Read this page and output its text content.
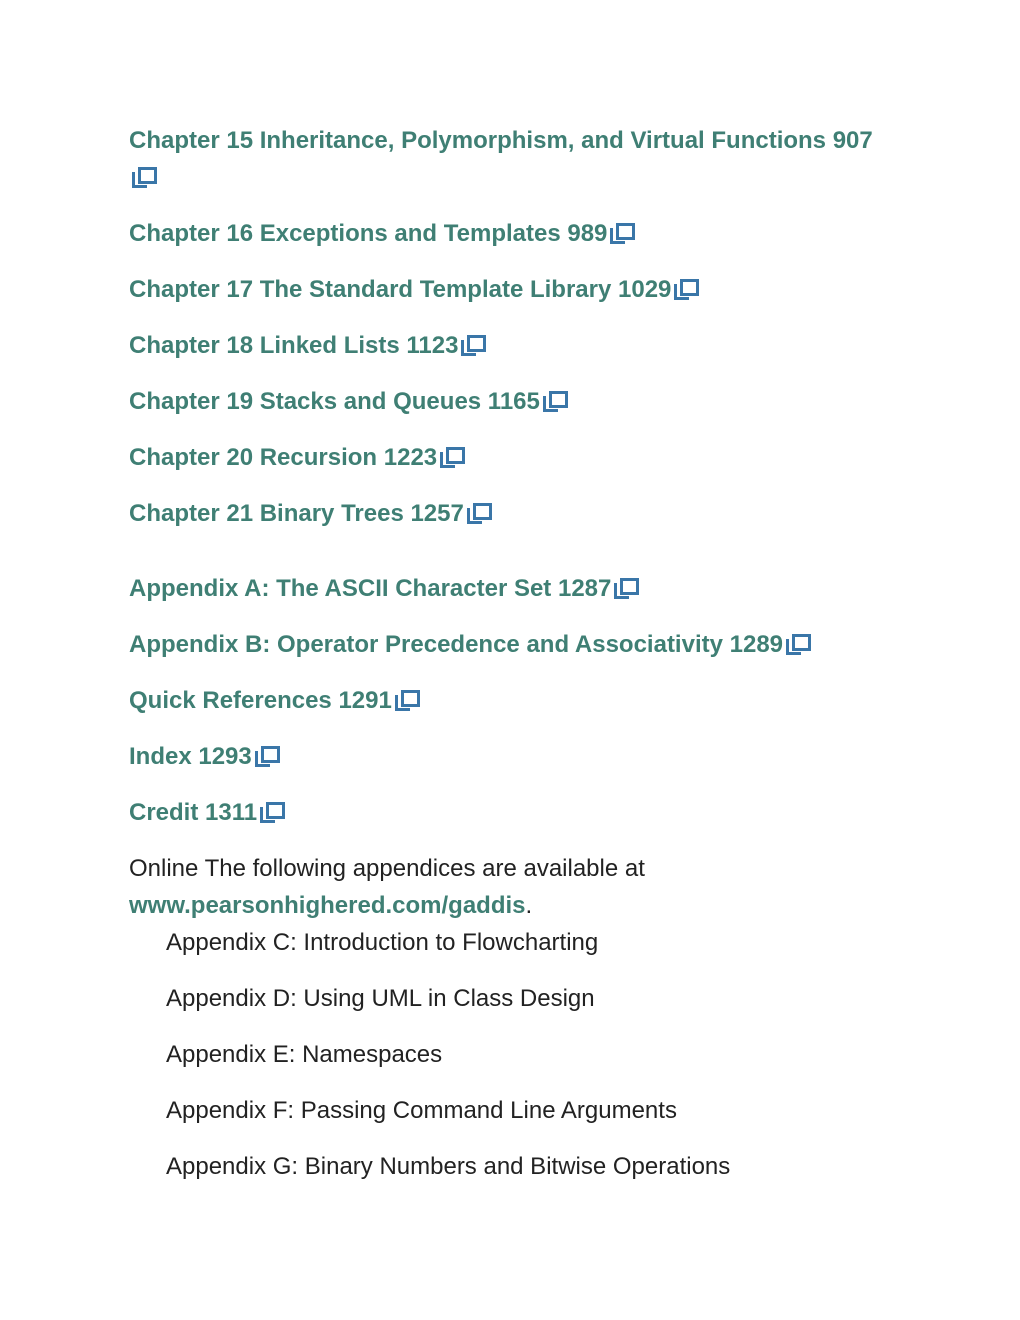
Chapter 15 Inheritance, Polymorphism, and Virtual Functions 907
Chapter 16 Exceptions and Templates 989
Chapter 17 The Standard Template Library 1029
Chapter 18 Linked Lists 1123
Chapter 19 Stacks and Queues 1165
Chapter 20 Recursion 1223
Chapter 21 Binary Trees 1257
Appendix A: The ASCII Character Set 1287
Appendix B: Operator Precedence and Associativity 1289
Quick References 1291
Index 1293
Credit 1311
Online The following appendices are available at
www.pearsonhighered.com/gaddis.
Appendix C: Introduction to Flowcharting
Appendix D: Using UML in Class Design
Appendix E: Namespaces
Appendix F: Passing Command Line Arguments
Appendix G: Binary Numbers and Bitwise Operations
